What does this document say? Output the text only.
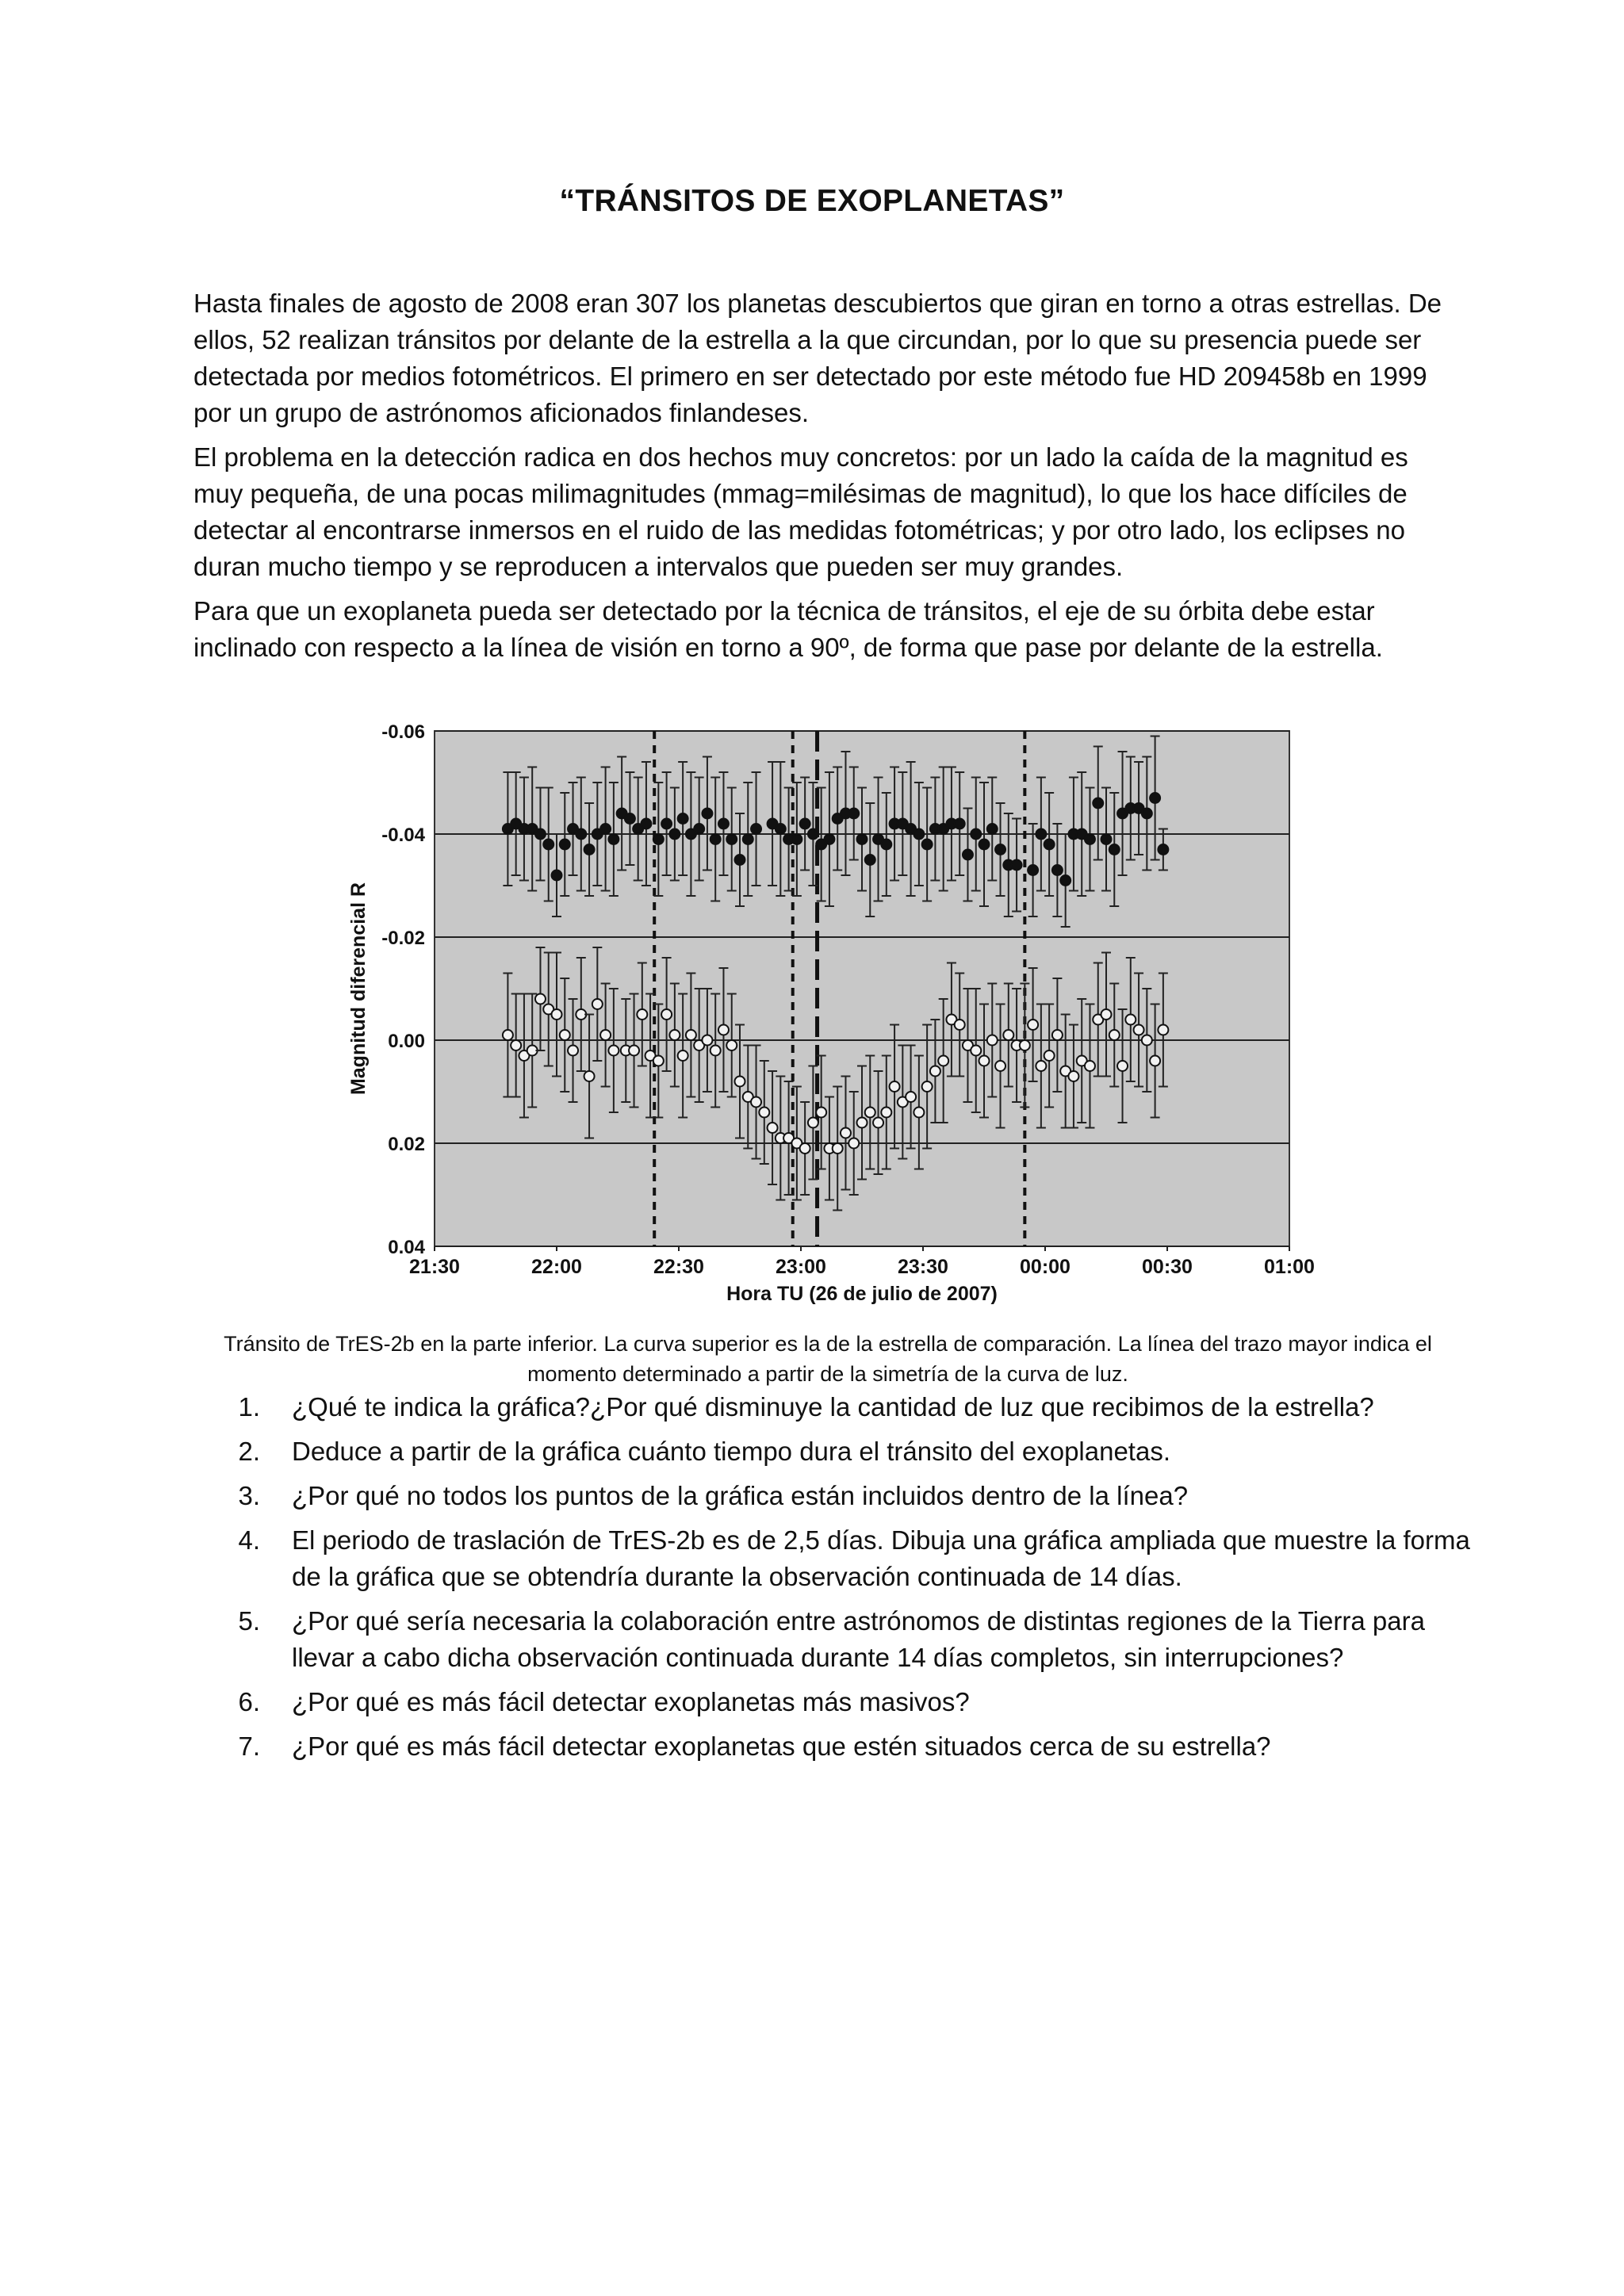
“TRÁNSITOS DE EXOPLANETAS”

Hasta finales de agosto de 2008 eran 307 los planetas descubiertos que giran en torno a otras estrellas. De ellos, 52 realizan tránsitos por delante de la estrella a la que circundan, por lo que su presencia puede ser detectada por medios fotométricos. El primero en ser detectado por este método fue HD 209458b en 1999 por un grupo de astrónomos aficionados finlandeses.

El problema en la detección radica en dos hechos muy concretos: por un lado la caída de la magnitud es muy pequeña, de una pocas milimagnitudes (mmag=milésimas de magnitud), lo que los hace difíciles de detectar al encontrarse inmersos en el ruido de las medidas fotométricas; y por otro lado, los eclipses no duran mucho tiempo y se reproducen a intervalos que pueden ser muy grandes.

Para que un exoplaneta pueda ser detectado por la técnica de tránsitos, el eje de su órbita debe estar inclinado con respecto a la línea de visión en torno a 90º, de forma que pase por delante de la estrella.

-0.06
-0.04
-0.02
0.00
0.02
0.04
21:30	22:00	22:30	23:00	23:30	00:00	00:30	01:00
Hora TU (26 de julio de 2007)
Magnitud diferencial R
Tránsito de TrES-2b en la parte inferior. La curva superior es la de la estrella de comparación. La línea del trazo mayor indica el momento determinado a partir de la simetría de la curva de luz.
1.	¿Qué te indica la gráfica?¿Por qué disminuye la cantidad de luz que recibimos de la estrella?
2.	Deduce a partir de la gráfica cuánto tiempo dura el tránsito del exoplanetas.
3.	¿Por qué no todos los puntos de la gráfica están incluidos dentro de la línea?
4.	El periodo de traslación de TrES-2b es de 2,5 días. Dibuja una gráfica ampliada que muestre la forma de la gráfica que se obtendría durante la observación continuada de 14 días.
5.	¿Por qué sería necesaria la colaboración entre astrónomos de distintas regiones de la Tierra para llevar a cabo dicha observación continuada durante 14 días completos, sin interrupciones?
6.	¿Por qué es más fácil detectar exoplanetas más masivos?
7.	¿Por qué es más fácil detectar exoplanetas que estén situados cerca de su estrella?
